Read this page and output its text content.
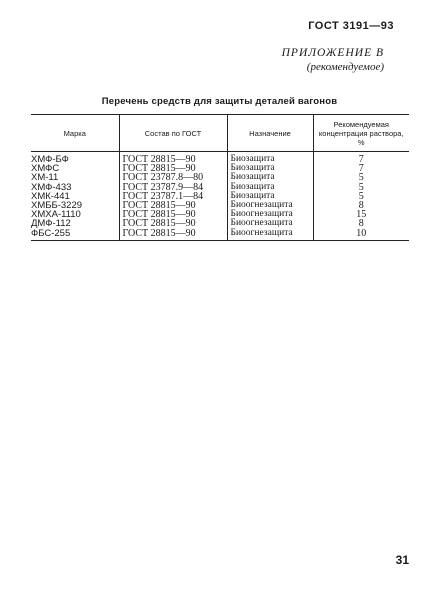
ГОСТ 3191—93
ПРИЛОЖЕНИЕ В
(рекомендуемое)
Перечень средств для защиты деталей вагонов
Марка	Состав по ГОСТ	Назначение	Рекомендуемая концентрация раствора, %
ХМФ-БФ	ГОСТ 28815—90	Биозащита	7
ХМФС	ГОСТ 28815—90	Биозащита	7
ХМ-11	ГОСТ 23787.8—80	Биозащита	5
ХМФ-433	ГОСТ 23787.9—84	Биозащита	5
ХМК-441	ГОСТ 23787.1—84	Биозащита	5
ХМББ-3229	ГОСТ 28815—90	Биоогнезащита	8
ХМХА-1110	ГОСТ 28815—90	Биоогнезащита	15
ДМФ-112	ГОСТ 28815—90	Биоогнезащита	8
ФБС-255	ГОСТ 28815—90	Биоогнезащита	10
31
